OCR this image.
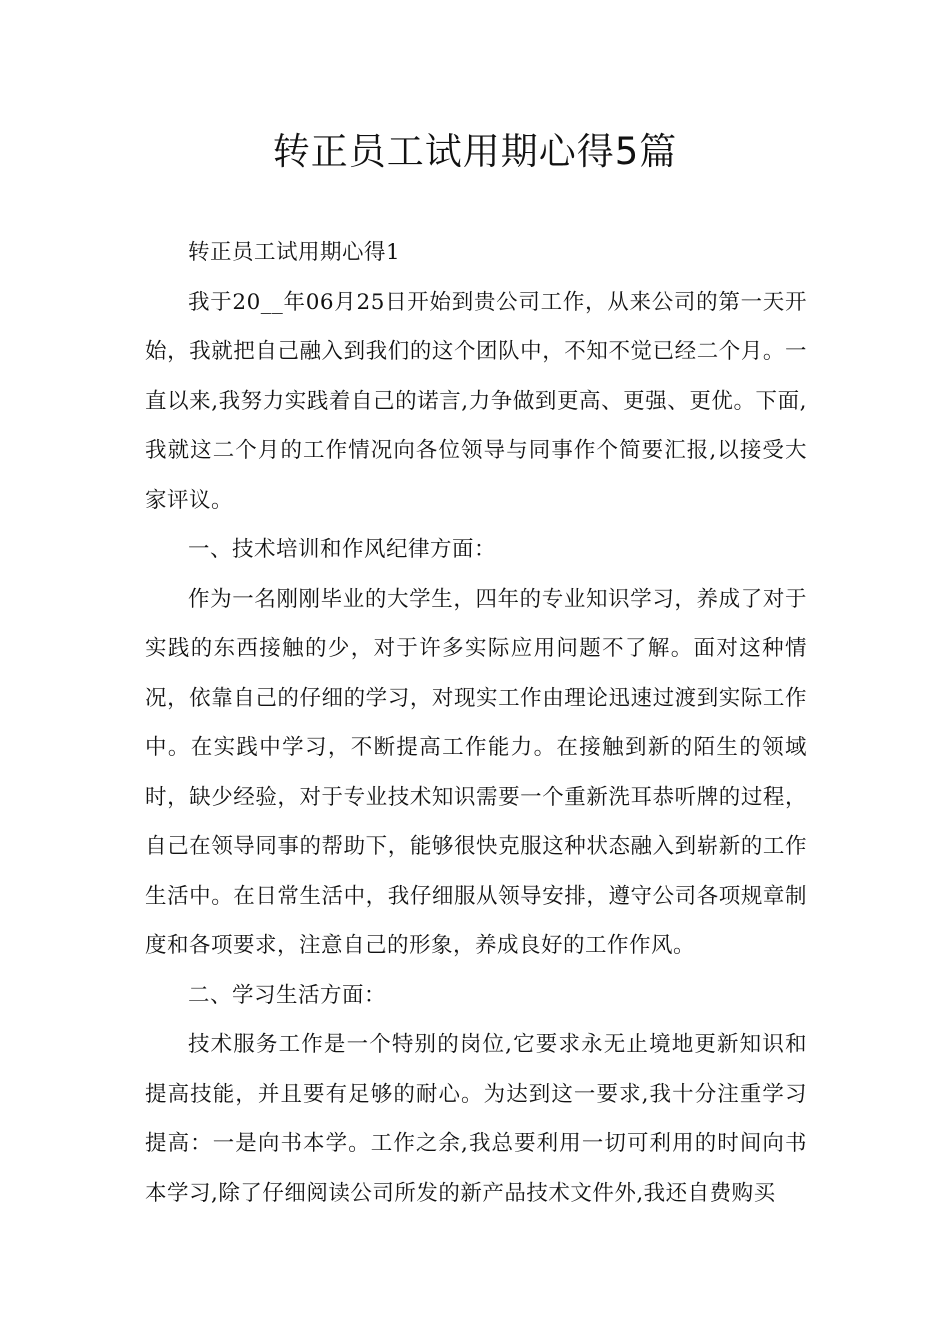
转正员工试用期心得5篇

转正员工试用期心得1

我于20__年06月25日开始到贵公司工作，从来公司的第一天开始，我就把自己融入到我们的这个团队中，不知不觉已经二个月。一直以来,我努力实践着自己的诺言,力争做到更高、更强、更优。下面,我就这二个月的工作情况向各位领导与同事作个简要汇报,以接受大家评议。

一、技术培训和作风纪律方面：

作为一名刚刚毕业的大学生，四年的专业知识学习，养成了对于实践的东西接触的少，对于许多实际应用问题不了解。面对这种情况，依靠自己的仔细的学习，对现实工作由理论迅速过渡到实际工作中。在实践中学习，不断提高工作能力。在接触到新的陌生的领域时，缺少经验，对于专业技术知识需要一个重新洗耳恭听牌的过程，自己在领导同事的帮助下，能够很快克服这种状态融入到崭新的工作生活中。在日常生活中，我仔细服从领导安排，遵守公司各项规章制度和各项要求，注意自己的形象，养成良好的工作作风。

二、学习生活方面：

技术服务工作是一个特别的岗位,它要求永无止境地更新知识和提高技能，并且要有足够的耐心。为达到这一要求,我十分注重学习提高：一是向书本学。工作之余,我总要利用一切可利用的时间向书本学习,除了仔细阅读公司所发的新产品技术文件外,我还自费购买
